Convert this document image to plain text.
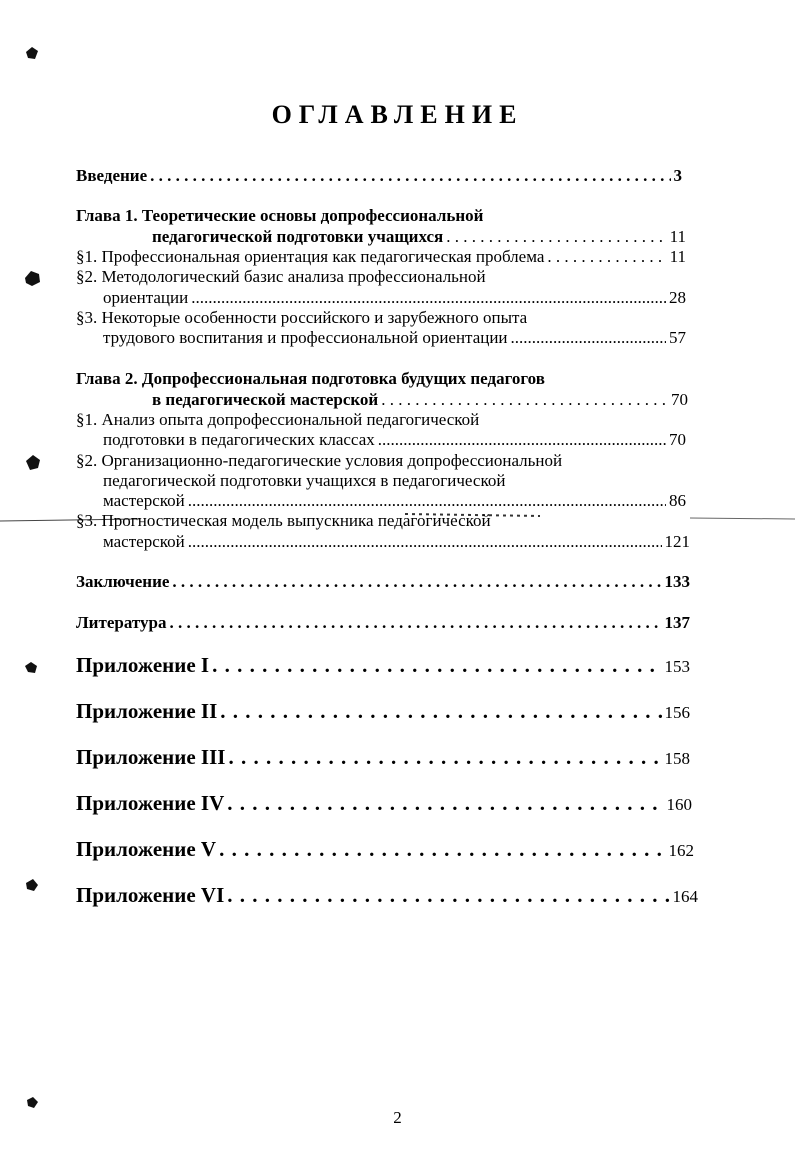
ОГЛАВЛЕНИЕ
Введение . . .	3
Глава 1. Теоретические основы допрофессиональной
педагогической подготовки учащихся . . .	11
§1. Профессиональная ориентация как педагогическая проблема . . .	11
§2. Методологический базис анализа профессиональной
ориентации .....	28
§3. Некоторые особенности российского и зарубежного опыта
трудового воспитания и профессиональной ориентации .....	57
Глава 2. Допрофессиональная подготовка будущих педагогов
в педагогической мастерской . . .	70
§1. Анализ опыта допрофессиональной педагогической
подготовки в педагогических классах .....	70
§2. Организационно-педагогические условия допрофессиональной
педагогической подготовки учащихся в педагогической
мастерской .....	86
§3. Прогностическая модель выпускника педагогической
мастерской .....	121
Заключение . . .	133
Литература . . .	137
Приложение I . . .	153
Приложение II . . .	156
Приложение III . . .	158
Приложение IV . . .	160
Приложение V . . .	162
Приложение VI . . .	164
2
